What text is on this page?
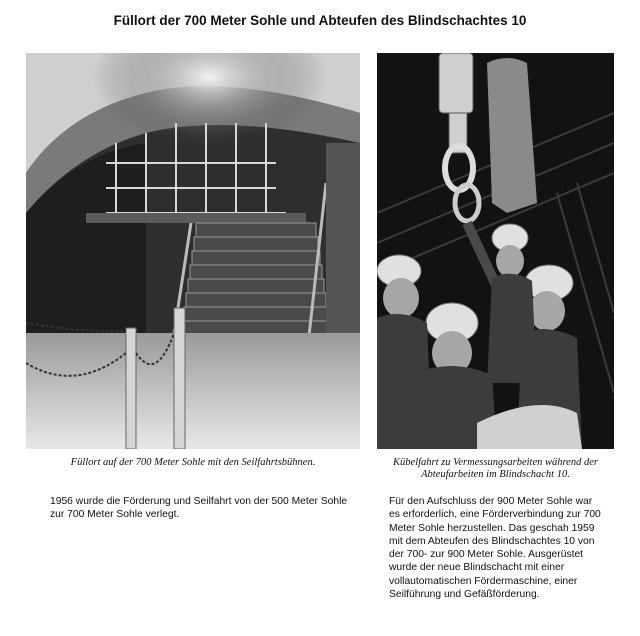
Füllort der 700 Meter Sohle und Abteufen des Blindschachtes 10
Füllort auf der 700 Meter Sohle mit den Seilfahrtsbühnen.	Kübelfahrt zu Vermessungsarbeiten während der Abteufarbeiten im Blindschacht 10.
1956 wurde die Förderung und Seilfahrt von der 500 Meter Sohle zur 700 Meter Sohle verlegt.
Für den Aufschluss der 900 Meter Sohle war es erforderlich, eine Förderverbindung zur 700 Meter Sohle herzustellen. Das geschah 1959 mit dem Abteufen des Blindschachtes 10 von der 700- zur 900 Meter Sohle. Ausgerüstet wurde der neue Blindschacht mit einer vollautomatischen Fördermaschine, einer Seilführung und Gefäßförderung.
